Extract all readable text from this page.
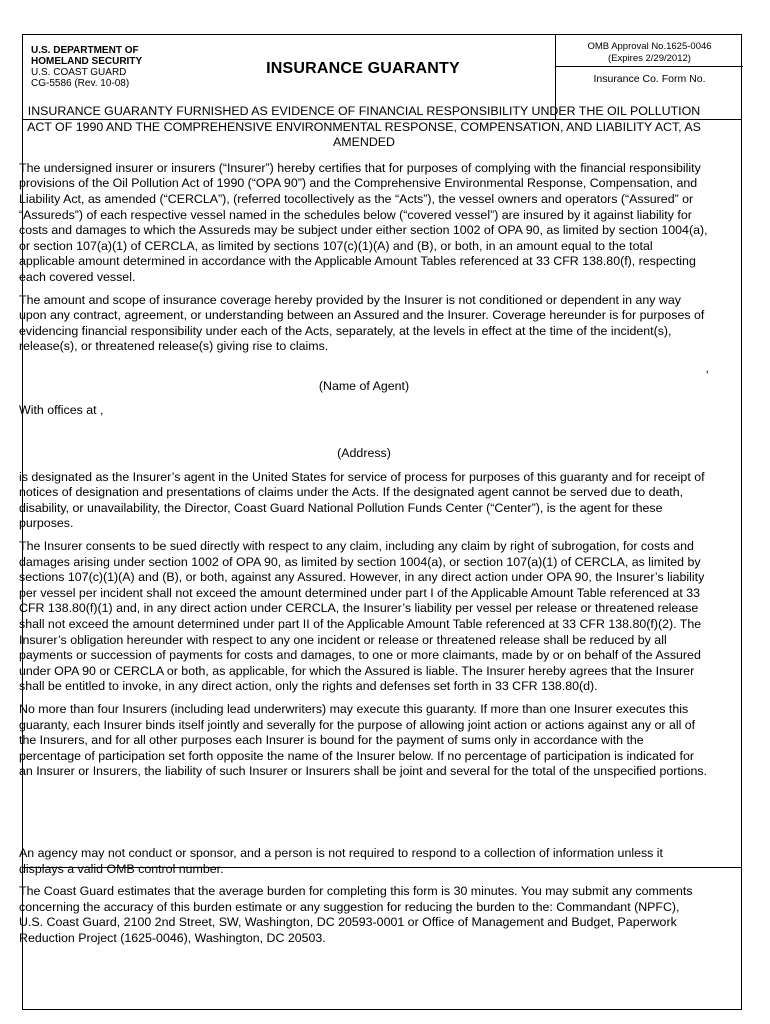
U.S. DEPARTMENT OF
HOMELAND SECURITY
U.S. COAST GUARD
CG-5586 (Rev. 10-08)
INSURANCE GUARANTY
OMB Approval No.1625-0046
(Expires 2/29/2012)
Insurance Co. Form No.
INSURANCE GUARANTY FURNISHED AS EVIDENCE OF FINANCIAL RESPONSIBILITY UNDER THE OIL POLLUTION ACT OF 1990 AND THE COMPREHENSIVE ENVIRONMENTAL RESPONSE, COMPENSATION, AND LIABILITY ACT, AS AMENDED
The undersigned insurer or insurers (“Insurer”) hereby certifies that for purposes of complying with the financial responsibility provisions of the Oil Pollution Act of 1990 (“OPA 90”) and the Comprehensive Environmental Response, Compensation, and Liability Act, as amended (“CERCLA”), (referred tocollectively as the “Acts”), the vessel owners and operators (“Assured” or “Assureds”) of each respective vessel named in the schedules below (“covered vessel”) are insured by it against liability for costs and damages to which the Assureds may be subject under either section 1002 of OPA 90, as limited by section 1004(a), or section 107(a)(1) of CERCLA, as limited by sections 107(c)(1)(A) and (B), or both, in an amount equal to the total applicable amount determined in accordance with the Applicable Amount Tables referenced at 33 CFR 138.80(f), respecting each covered vessel.
The amount and scope of insurance coverage hereby provided by the Insurer is not conditioned or dependent in any way upon any contract, agreement, or understanding between an Assured and the Insurer. Coverage hereunder is for purposes of evidencing financial responsibility under each of the Acts, separately, at the levels in effect at the time of the incident(s), release(s), or threatened release(s) giving rise to claims.
,
(Name of Agent)
With offices at ,
(Address)
is designated as the Insurer’s agent in the United States for service of process for purposes of this guaranty and for receipt of notices of designation and presentations of claims under the Acts. If the designated agent cannot be served due to death, disability, or unavailability, the Director, Coast Guard National Pollution Funds Center (“Center”), is the agent for these purposes.
The Insurer consents to be sued directly with respect to any claim, including any claim by right of subrogation, for costs and damages arising under section 1002 of OPA 90, as limited by section 1004(a), or section 107(a)(1) of CERCLA, as limited by sections 107(c)(1)(A) and (B), or both, against any Assured. However, in any direct action under OPA 90, the Insurer’s liability per vessel per incident shall not exceed the amount determined under part I of the Applicable Amount Table referenced at 33 CFR 138.80(f)(1) and, in any direct action under CERCLA, the Insurer’s liability per vessel per release or threatened release shall not exceed the amount determined under part II of the Applicable Amount Table referenced at 33 CFR 138.80(f)(2). The Insurer’s obligation hereunder with respect to any one incident or release or threatened release shall be reduced by all payments or succession of payments for costs and damages, to one or more claimants, made by or on behalf of the Assured under OPA 90 or CERCLA or both, as applicable, for which the Assured is liable. The Insurer hereby agrees that the Insurer shall be entitled to invoke, in any direct action, only the rights and defenses set forth in 33 CFR 138.80(d).
No more than four Insurers (including lead underwriters) may execute this guaranty. If more than one Insurer executes this guaranty, each Insurer binds itself jointly and severally for the purpose of allowing joint action or actions against any or all of the Insurers, and for all other purposes each Insurer is bound for the payment of sums only in accordance with the percentage of participation set forth opposite the name of the Insurer below. If no percentage of participation is indicated for an Insurer or Insurers, the liability of such Insurer or Insurers shall be joint and several for the total of the unspecified portions.
An agency may not conduct or sponsor, and a person is not required to respond to a collection of information unless it displays a valid OMB control number.
The Coast Guard estimates that the average burden for completing this form is 30 minutes. You may submit any comments concerning the accuracy of this burden estimate or any suggestion for reducing the burden to the: Commandant (NPFC), U.S. Coast Guard, 2100 2nd Street, SW, Washington, DC 20593-0001 or Office of Management and Budget, Paperwork Reduction Project (1625-0046), Washington, DC 20503.
